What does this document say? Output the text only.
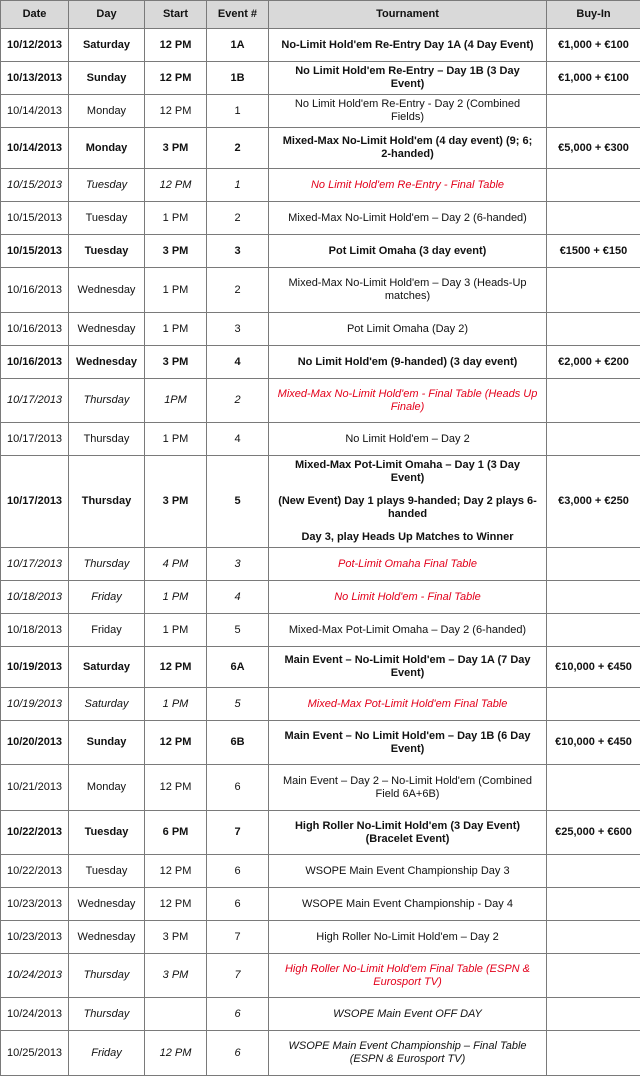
Date	Day	Start	Event #	Tournament	Buy-In
10/12/2013	Saturday	12 PM	1A	No-Limit Hold'em Re-Entry Day 1A (4 Day Event)	€1,000 + €100
10/13/2013	Sunday	12 PM	1B	No Limit Hold'em Re-Entry – Day 1B (3 Day Event)	€1,000 + €100
10/14/2013	Monday	12 PM	1	No Limit Hold'em Re-Entry - Day 2 (Combined Fields)	
10/14/2013	Monday	3 PM	2	Mixed-Max No-Limit Hold'em (4 day event) (9; 6; 2-handed)	€5,000 + €300
10/15/2013	Tuesday	12 PM	1	No Limit Hold'em Re-Entry - Final Table	
10/15/2013	Tuesday	1 PM	2	Mixed-Max No-Limit Hold'em – Day 2 (6-handed)	
10/15/2013	Tuesday	3 PM	3	Pot Limit Omaha (3 day event)	€1500 + €150
10/16/2013	Wednesday	1 PM	2	Mixed-Max No-Limit Hold'em – Day 3 (Heads-Up matches)	
10/16/2013	Wednesday	1 PM	3	Pot Limit Omaha (Day 2)	
10/16/2013	Wednesday	3 PM	4	No Limit Hold'em (9-handed) (3 day event)	€2,000 + €200
10/17/2013	Thursday	1PM	2	Mixed-Max No-Limit Hold'em - Final Table (Heads Up Finale)	
10/17/2013	Thursday	1 PM	4	No Limit Hold'em – Day 2	
10/17/2013	Thursday	3 PM	5	Mixed-Max Pot-Limit Omaha – Day 1 (3 Day Event)

(New Event) Day 1 plays 9-handed; Day 2 plays 6-handed

Day 3, play Heads Up Matches to Winner	€3,000 + €250
10/17/2013	Thursday	4 PM	3	Pot-Limit Omaha Final Table	
10/18/2013	Friday	1 PM	4	No Limit Hold'em - Final Table	
10/18/2013	Friday	1 PM	5	Mixed-Max Pot-Limit Omaha – Day 2 (6-handed)	
10/19/2013	Saturday	12 PM	6A	Main Event – No-Limit Hold'em – Day 1A (7 Day Event)	€10,000 + €450
10/19/2013	Saturday	1 PM	5	Mixed-Max Pot-Limit Hold'em Final Table	
10/20/2013	Sunday	12 PM	6B	Main Event – No Limit Hold'em – Day 1B (6 Day Event)	€10,000 + €450
10/21/2013	Monday	12 PM	6	Main Event – Day 2 – No-Limit Hold'em (Combined Field 6A+6B)	
10/22/2013	Tuesday	6 PM	7	High Roller No-Limit Hold'em (3 Day Event) (Bracelet Event)	€25,000 + €600
10/22/2013	Tuesday	12 PM	6	WSOPE Main Event Championship Day 3	
10/23/2013	Wednesday	12 PM	6	WSOPE Main Event Championship - Day 4	
10/23/2013	Wednesday	3 PM	7	High Roller No-Limit Hold'em – Day 2	
10/24/2013	Thursday	3 PM	7	High Roller No-Limit Hold'em Final Table (ESPN & Eurosport TV)	
10/24/2013	Thursday		6	WSOPE Main Event OFF DAY	
10/25/2013	Friday	12 PM	6	WSOPE Main Event Championship – Final Table (ESPN & Eurosport TV)	
